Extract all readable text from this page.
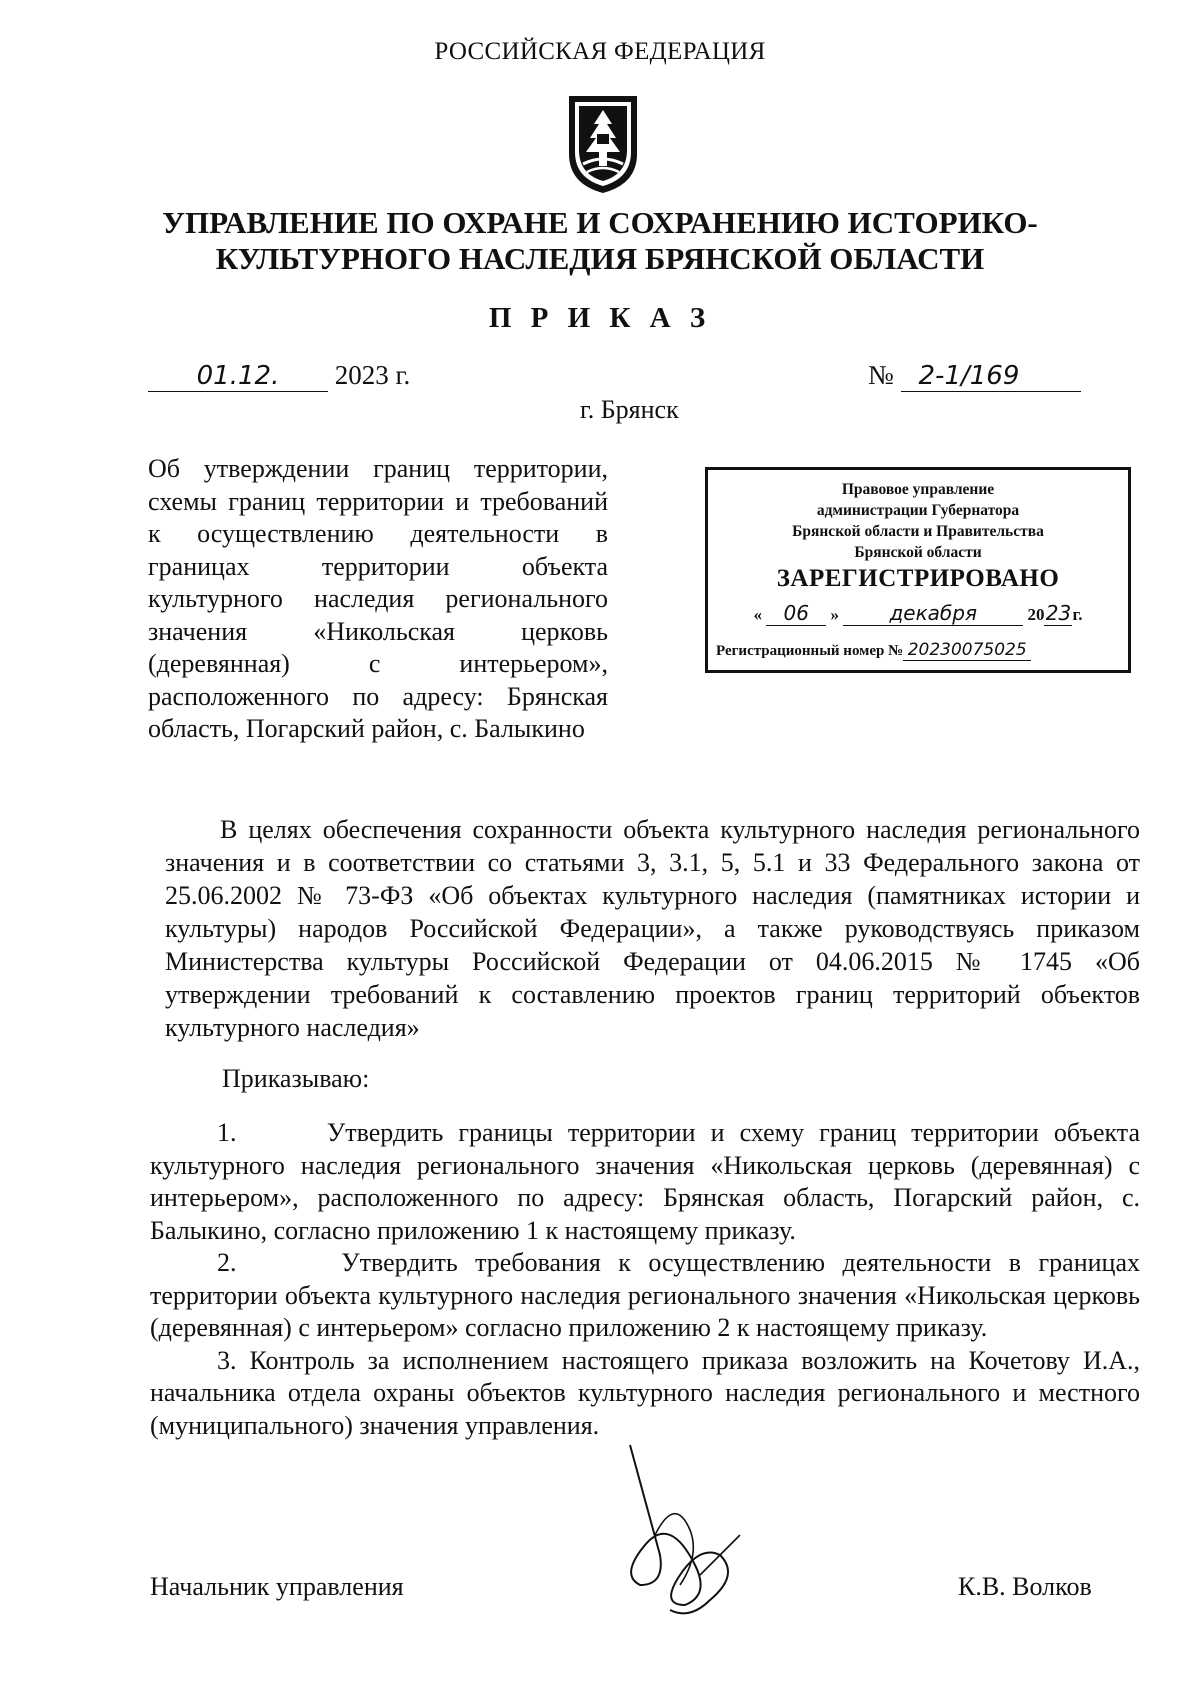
РОССИЙСКАЯ ФЕДЕРАЦИЯ
УПРАВЛЕНИЕ ПО ОХРАНЕ И СОХРАНЕНИЮ ИСТОРИКО-
КУЛЬТУРНОГО НАСЛЕДИЯ БРЯНСКОЙ ОБЛАСТИ
П Р И К А З
01.12. 2023 г.	№ 2-1/169
г. Брянск
Об утверждении границ территории, схемы границ территории и требований к осуществлению деятельности в границах территории объекта культурного наследия регионального значения «Никольская церковь (деревянная) с интерьером», расположенного по адресу: Брянская область, Погарский район, с. Балыкино
Правовое управление
администрации Губернатора
Брянской области и Правительства
Брянской области
ЗАРЕГИСТРИРОВАНО
« 06 »	декабря	2023г.
Регистрационный номер № 20230075025
В целях обеспечения сохранности объекта культурного наследия регионального значения и в соответствии со статьями 3, 3.1, 5, 5.1 и 33 Федерального закона от 25.06.2002 № 73-ФЗ «Об объектах культурного наследия (памятниках истории и культуры) народов Российской Федерации», а также руководствуясь приказом Министерства культуры Российской Федерации от 04.06.2015 № 1745 «Об утверждении требований к составлению проектов границ территорий объектов культурного наследия»
Приказываю:

1.      Утвердить границы территории и схему границ территории объекта культурного наследия регионального значения «Никольская церковь (деревянная) с интерьером», расположенного по адресу: Брянская область, Погарский район, с. Балыкино, согласно приложению 1 к настоящему приказу.

2.      Утвердить требования к осуществлению деятельности в границах территории объекта культурного наследия регионального значения «Никольская церковь (деревянная) с интерьером» согласно приложению 2 к настоящему приказу.

3. Контроль за исполнением настоящего приказа возложить на Кочетову И.А., начальника отдела охраны объектов культурного наследия регионального и местного (муниципального) значения управления.

Начальник управления	К.В. Волков
